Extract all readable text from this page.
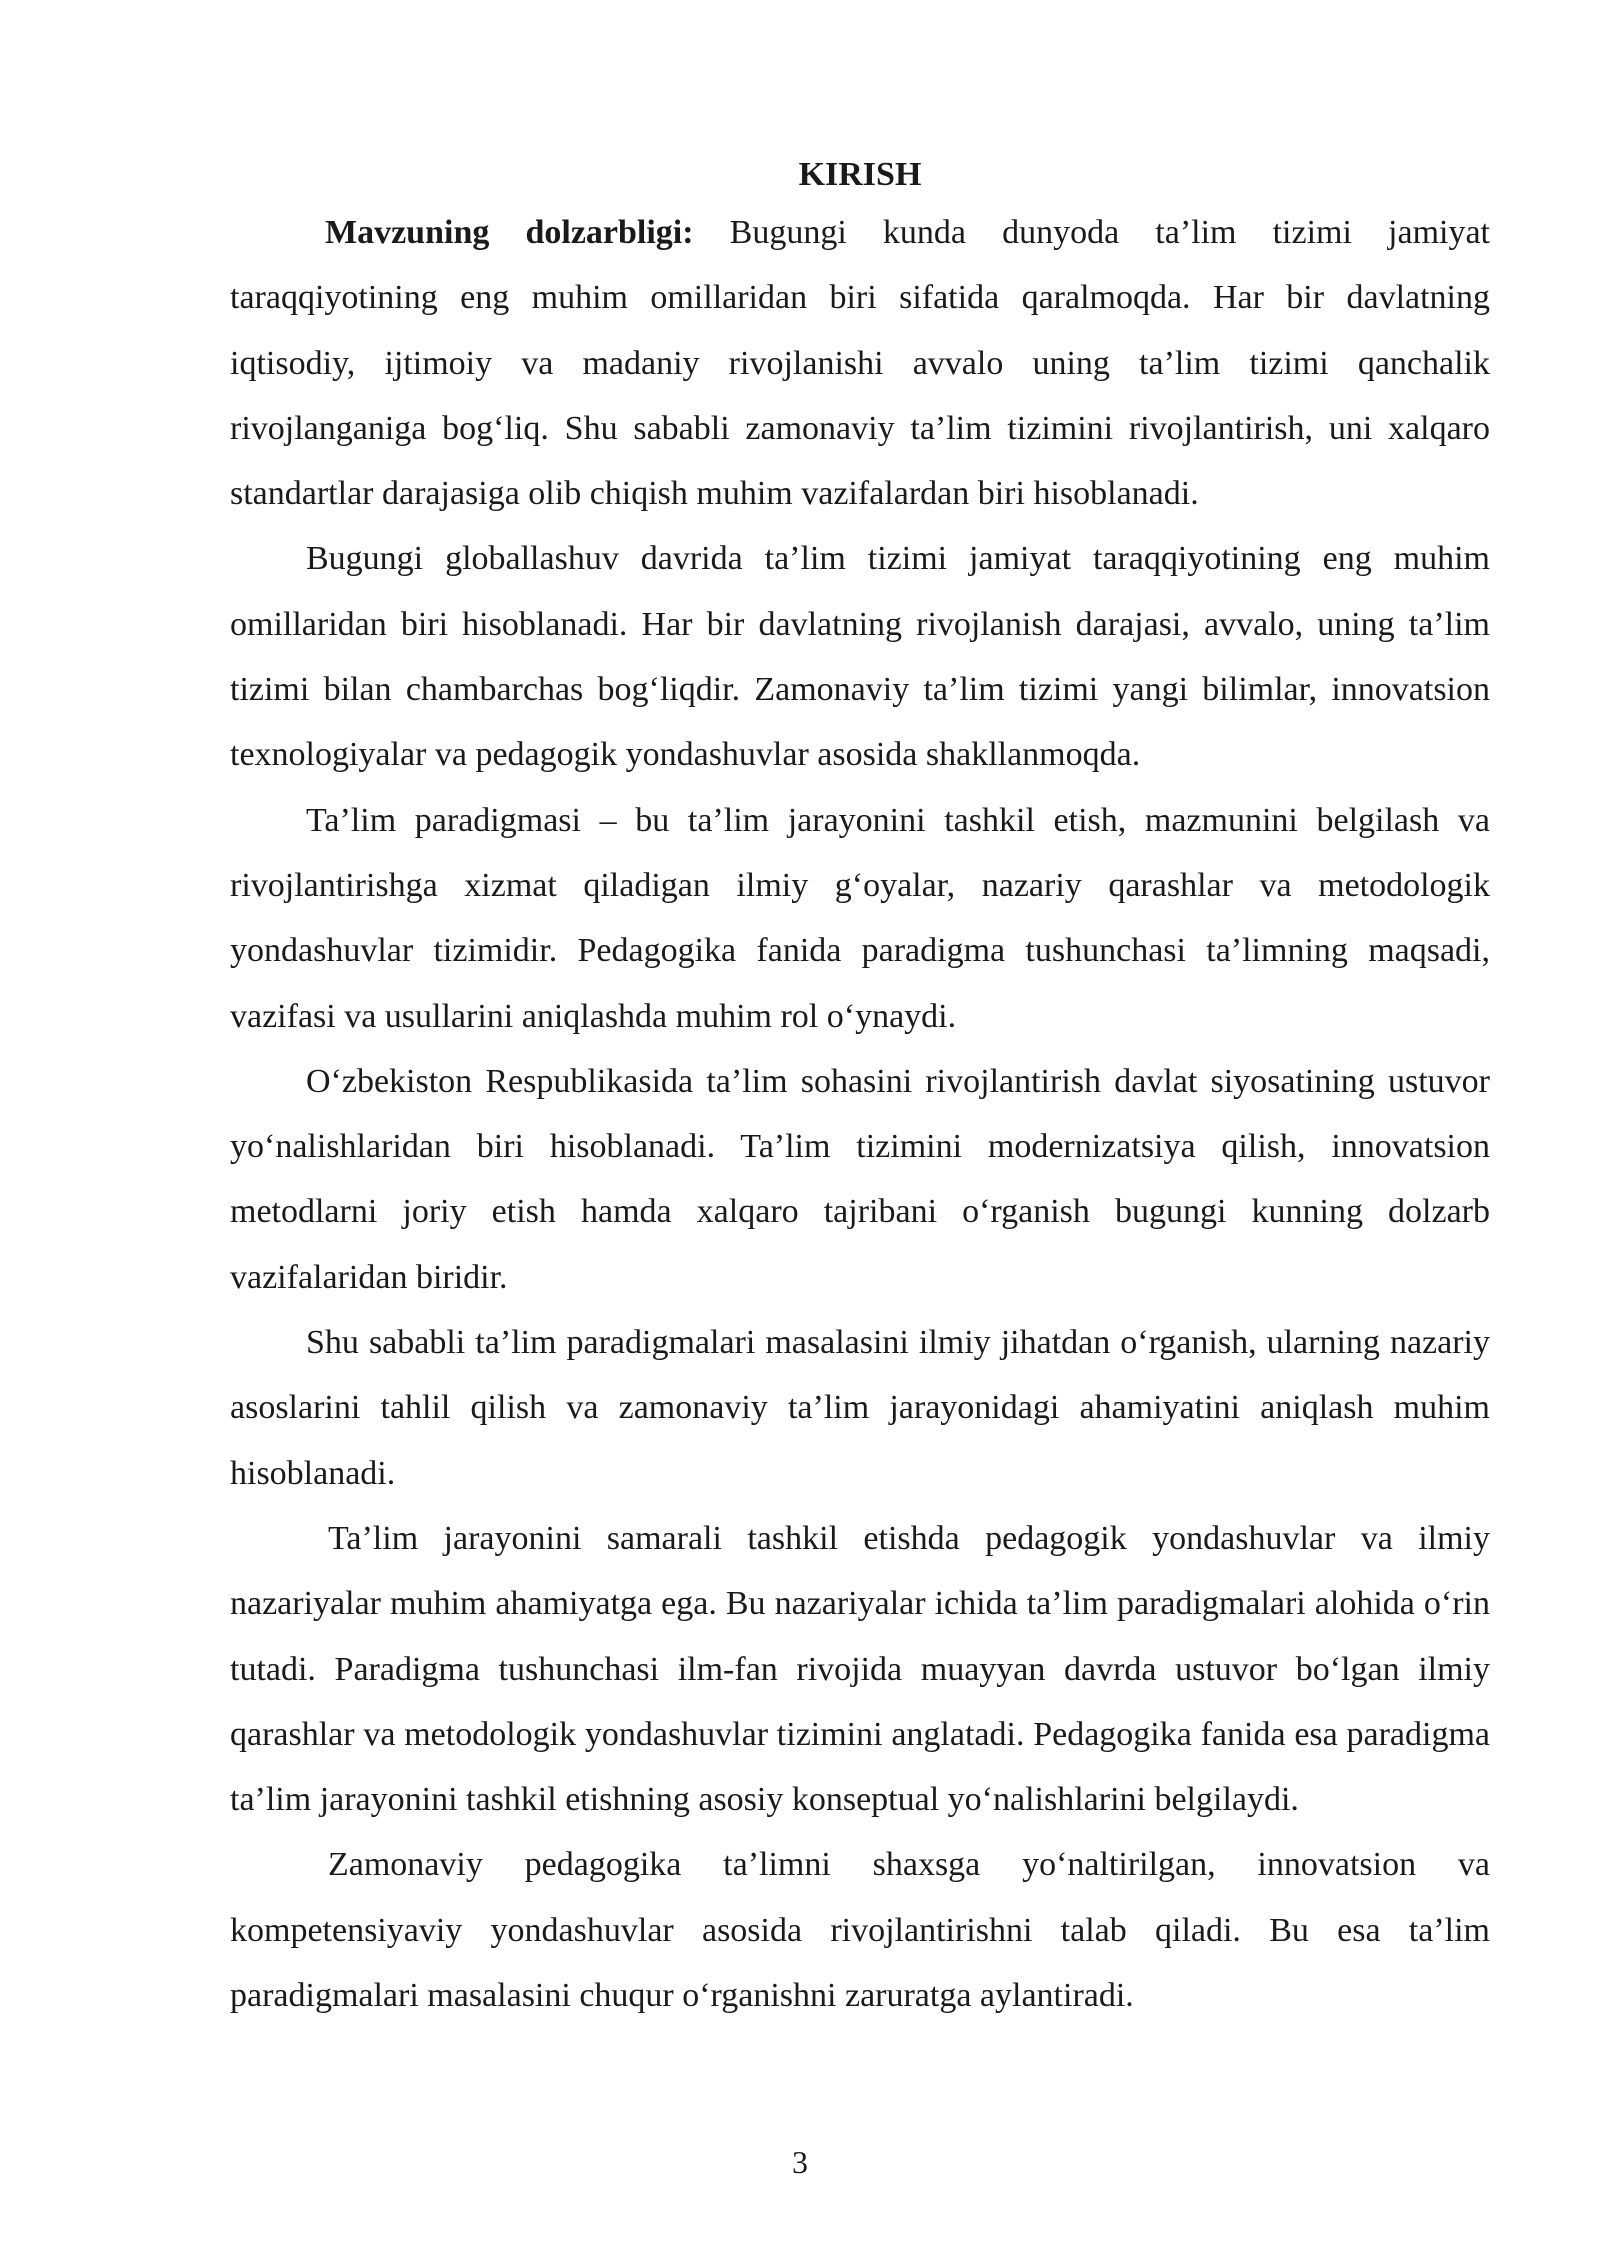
KIRISH

Mavzuning dolzarbligi: Bugungi kunda dunyoda ta’lim tizimi jamiyat taraqqiyotining eng muhim omillaridan biri sifatida qaralmoqda. Har bir davlatning iqtisodiy, ijtimoiy va madaniy rivojlanishi avvalo uning ta’lim tizimi qanchalik rivojlanganiga bog‘liq. Shu sababli zamonaviy ta’lim tizimini rivojlantirish, uni xalqaro standartlar darajasiga olib chiqish muhim vazifalardan biri hisoblanadi.

Bugungi globallashuv davrida ta’lim tizimi jamiyat taraqqiyotining eng muhim omillaridan biri hisoblanadi. Har bir davlatning rivojlanish darajasi, avvalo, uning ta’lim tizimi bilan chambarchas bog‘liqdir. Zamonaviy ta’lim tizimi yangi bilimlar, innovatsion texnologiyalar va pedagogik yondashuvlar asosida shakllanmoqda.

Ta’lim paradigmasi – bu ta’lim jarayonini tashkil etish, mazmunini belgilash va rivojlantirishga xizmat qiladigan ilmiy g‘oyalar, nazariy qarashlar va metodologik yondashuvlar tizimidir. Pedagogika fanida paradigma tushunchasi ta’limning maqsadi, vazifasi va usullarini aniqlashda muhim rol o‘ynaydi.

O‘zbekiston Respublikasida ta’lim sohasini rivojlantirish davlat siyosatining ustuvor yo‘nalishlaridan biri hisoblanadi. Ta’lim tizimini modernizatsiya qilish, innovatsion metodlarni joriy etish hamda xalqaro tajribani o‘rganish bugungi kunning dolzarb vazifalaridan biridir.

Shu sababli ta’lim paradigmalari masalasini ilmiy jihatdan o‘rganish, ularning nazariy asoslarini tahlil qilish va zamonaviy ta’lim jarayonidagi ahamiyatini aniqlash muhim hisoblanadi.

Ta’lim jarayonini samarali tashkil etishda pedagogik yondashuvlar va ilmiy nazariyalar muhim ahamiyatga ega. Bu nazariyalar ichida ta’lim paradigmalari alohida o‘rin tutadi. Paradigma tushunchasi ilm-fan rivojida muayyan davrda ustuvor bo‘lgan ilmiy qarashlar va metodologik yondashuvlar tizimini anglatadi. Pedagogika fanida esa paradigma ta’lim jarayonini tashkil etishning asosiy konseptual yo‘nalishlarini belgilaydi.

Zamonaviy pedagogika ta’limni shaxsga yo‘naltirilgan, innovatsion va kompetensiyaviy yondashuvlar asosida rivojlantirishni talab qiladi. Bu esa ta’lim paradigmalari masalasini chuqur o‘rganishni zaruratga aylantiradi.

3
